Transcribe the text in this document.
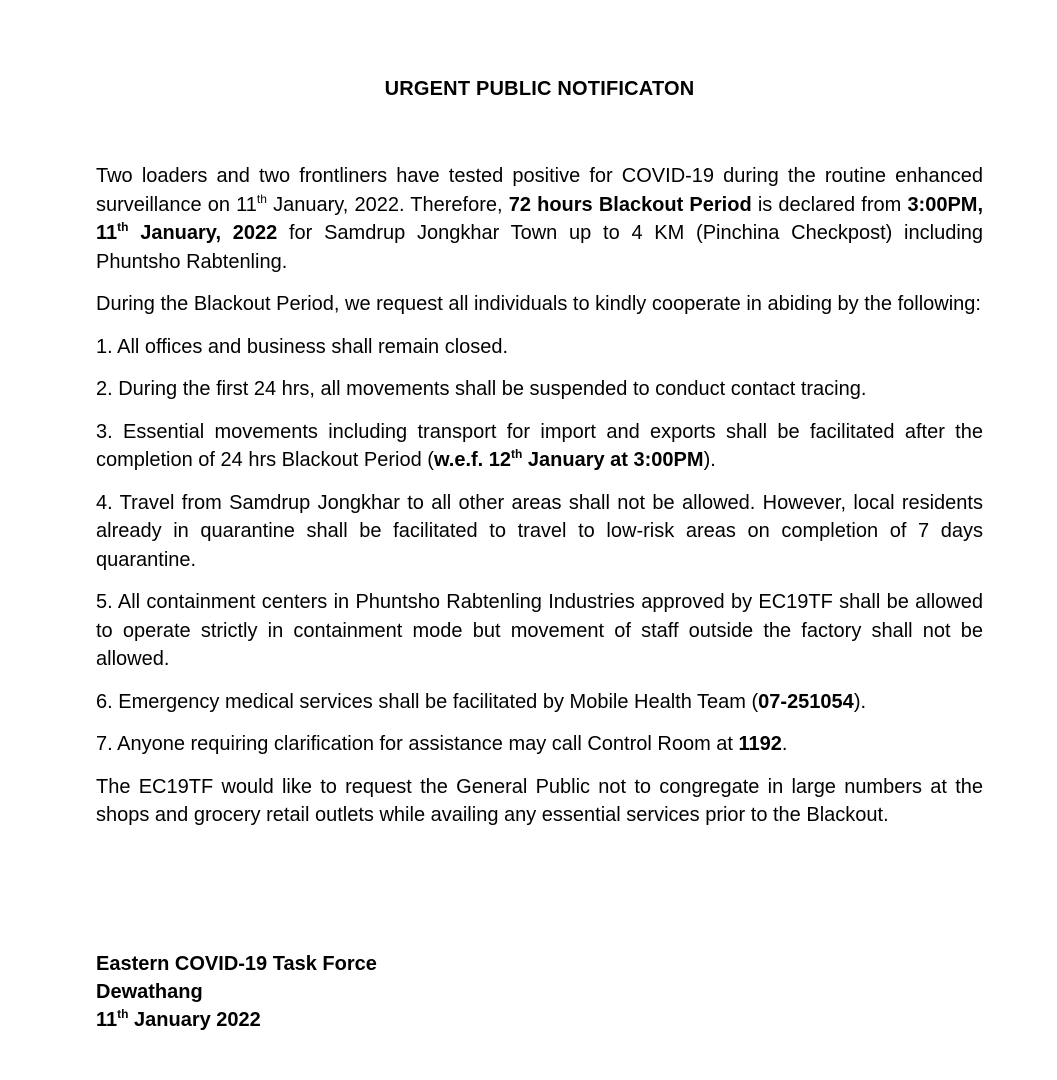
URGENT PUBLIC NOTIFICATON

Two loaders and two frontliners have tested positive for COVID-19 during the routine enhanced surveillance on 11th January, 2022. Therefore, 72 hours Blackout Period is declared from 3:00PM, 11th January, 2022 for Samdrup Jongkhar Town up to 4 KM (Pinchina Checkpost) including Phuntsho Rabtenling.

During the Blackout Period, we request all individuals to kindly cooperate in abiding by the following:

1. All offices and business shall remain closed.

2. During the first 24 hrs, all movements shall be suspended to conduct contact tracing.

3. Essential movements including transport for import and exports shall be facilitated after the completion of 24 hrs Blackout Period (w.e.f. 12th January at 3:00PM).

4. Travel from Samdrup Jongkhar to all other areas shall not be allowed. However, local residents already in quarantine shall be facilitated to travel to low-risk areas on completion of 7 days quarantine.

5. All containment centers in Phuntsho Rabtenling Industries approved by EC19TF shall be allowed to operate strictly in containment mode but movement of staff outside the factory shall not be allowed.

6. Emergency medical services shall be facilitated by Mobile Health Team (07-251054).

7. Anyone requiring clarification for assistance may call Control Room at 1192.

The EC19TF would like to request the General Public not to congregate in large numbers at the shops and grocery retail outlets while availing any essential services prior to the Blackout.

Eastern COVID-19 Task Force
Dewathang
11th January 2022
